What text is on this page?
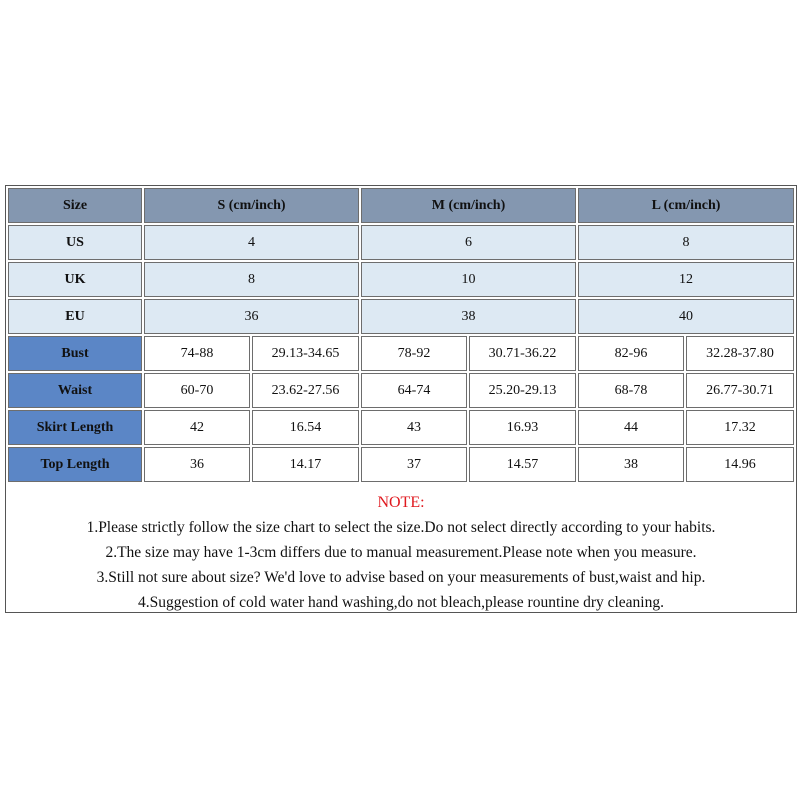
Size	S (cm/inch)	M (cm/inch)	L (cm/inch)
US	4	6	8
UK	8	10	12
EU	36	38	40
Bust	74-88	29.13-34.65	78-92	30.71-36.22	82-96	32.28-37.80
Waist	60-70	23.62-27.56	64-74	25.20-29.13	68-78	26.77-30.71
Skirt Length	42	16.54	43	16.93	44	17.32
Top Length	36	14.17	37	14.57	38	14.96
NOTE:
1.Please strictly follow the size chart to select the size.Do not select directly according to your habits.
2.The size may have 1-3cm differs due to manual measurement.Please note when you measure.
3.Still not sure about size? We'd love to advise based on your measurements of bust,waist and hip.
4.Suggestion of cold water hand washing,do not bleach,please rountine dry cleaning.
